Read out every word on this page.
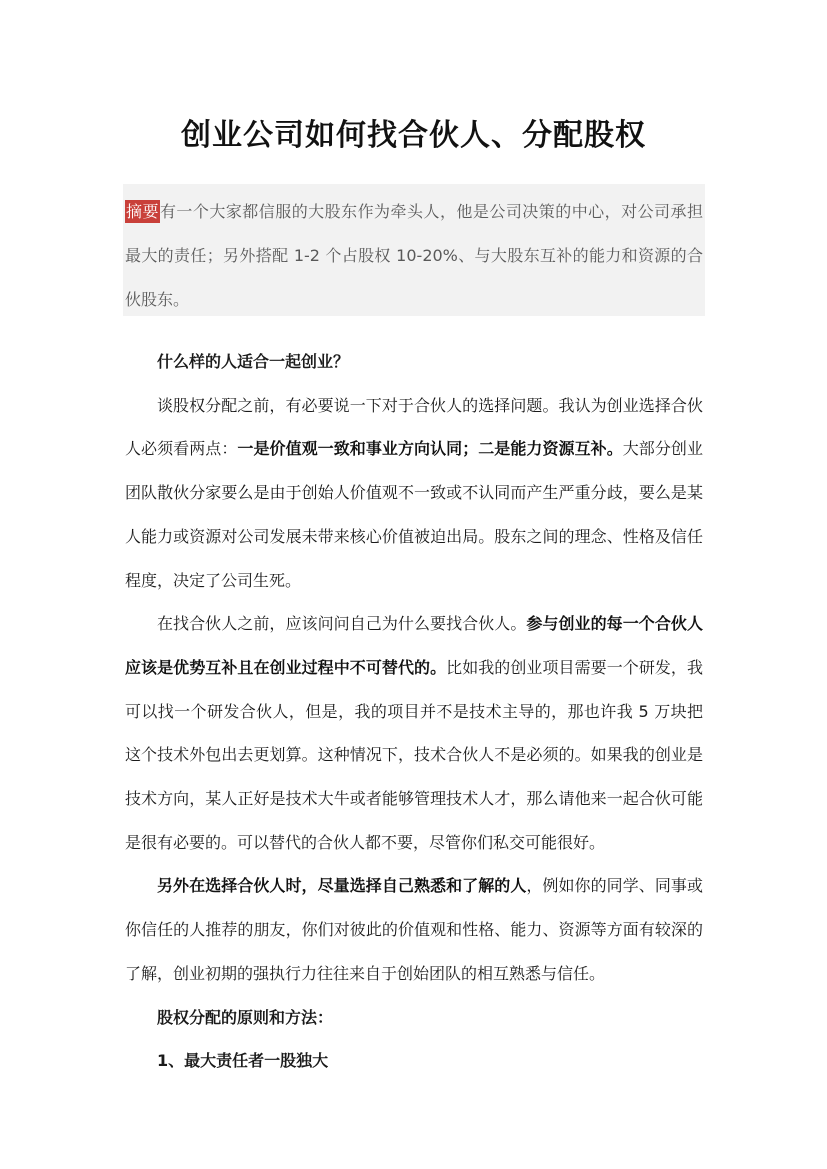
创业公司如何找合伙人、分配股权
摘要有一个大家都信服的大股东作为牵头人，他是公司决策的中心，对公司承担最大的责任；另外搭配 1-2 个占股权 10-20%、与大股东互补的能力和资源的合伙股东。

什么样的人适合一起创业？

谈股权分配之前，有必要说一下对于合伙人的选择问题。我认为创业选择合伙人必须看两点：一是价值观一致和事业方向认同；二是能力资源互补。大部分创业团队散伙分家要么是由于创始人价值观不一致或不认同而产生严重分歧，要么是某人能力或资源对公司发展未带来核心价值被迫出局。股东之间的理念、性格及信任程度，决定了公司生死。

在找合伙人之前，应该问问自己为什么要找合伙人。参与创业的每一个合伙人应该是优势互补且在创业过程中不可替代的。比如我的创业项目需要一个研发，我可以找一个研发合伙人，但是，我的项目并不是技术主导的，那也许我 5 万块把这个技术外包出去更划算。这种情况下，技术合伙人不是必须的。如果我的创业是技术方向，某人正好是技术大牛或者能够管理技术人才，那么请他来一起合伙可能是很有必要的。可以替代的合伙人都不要，尽管你们私交可能很好。

另外在选择合伙人时，尽量选择自己熟悉和了解的人，例如你的同学、同事或你信任的人推荐的朋友，你们对彼此的价值观和性格、能力、资源等方面有较深的了解，创业初期的强执行力往往来自于创始团队的相互熟悉与信任。

股权分配的原则和方法：

1、最大责任者一股独大
